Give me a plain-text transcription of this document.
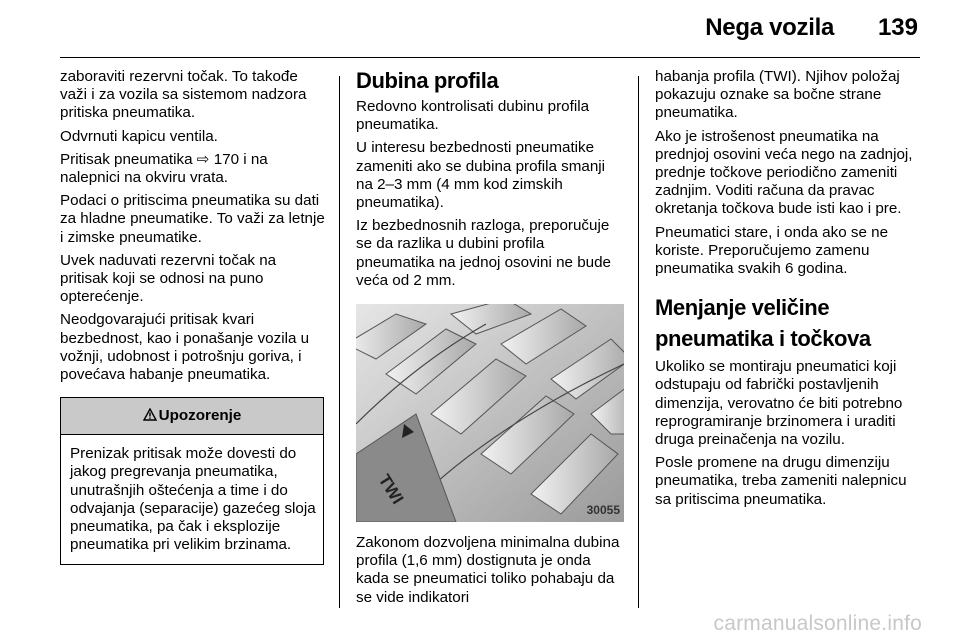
Nega vozila 139

zaboraviti rezervni točak. To takođe važi i za vozila sa sistemom nadzora pritiska pneumatika.

Odvrnuti kapicu ventila.

Pritisak pneumatika ⇨ 170 i na nalepnici na okviru vrata.

Podaci o pritiscima pneumatika su dati za hladne pneumatike. To važi za letnje i zimske pneumatike.

Uvek naduvati rezervni točak na pritisak koji se odnosi na puno opterećenje.

Neodgovarajući pritisak kvari bezbednost, kao i ponašanje vozila u vožnji, udobnost i potrošnju goriva, i povećava habanje pneumatika.

Upozorenje
Prenizak pritisak može dovesti do jakog pregrevanja pneumatika, unutrašnjih oštećenja a time i do odvajanja (separacije) gazećeg sloja pneumatika, pa čak i eksplozije pneumatika pri velikim brzinama.
Dubina profila

Redovno kontrolisati dubinu profila pneumatika.

U interesu bezbednosti pneumatike zameniti ako se dubina profila smanji na 2–3 mm (4 mm kod zimskih pneumatika).

Iz bezbednosnih razloga, preporučuje se da razlika u dubini profila pneumatika na jednoj osovini ne bude veća od 2 mm.

TWI
30055

Zakonom dozvoljena minimalna dubina profila (1,6 mm) dostignuta je onda kada se pneumatici toliko pohabaju da se vide indikatori

habanja profila (TWI). Njihov položaj pokazuju oznake sa bočne strane pneumatika.

Ako je istrošenost pneumatika na prednjoj osovini veća nego na zadnjoj, prednje točkove periodično zameniti zadnjim. Voditi računa da pravac okretanja točkova bude isti kao i pre.

Pneumatici stare, i onda ako se ne koriste. Preporučujemo zamenu pneumatika svakih 6 godina.

Menjanje veličine pneumatika i točkova

Ukoliko se montiraju pneumatici koji odstupaju od fabrički postavljenih dimenzija, verovatno će biti potrebno reprogramiranje brzinomera i uraditi druga preinačenja na vozilu.

Posle promene na drugu dimenziju pneumatika, treba zameniti nalepnicu sa pritiscima pneumatika.

carmanualsonline.info
